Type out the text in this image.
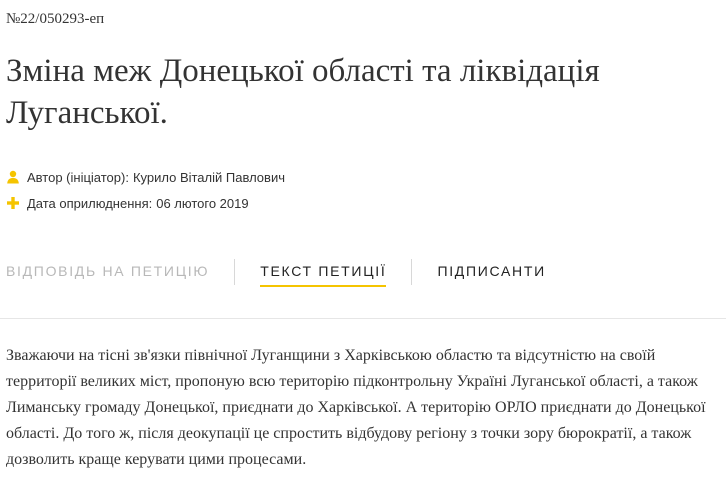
№22/050293-еп
Зміна меж Донецької області та ліквідація Луганської.
Автор (ініціатор): Курило Віталій Павлович
Дата оприлюднення: 06 лютого 2019
ВІДПОВІДЬ НА ПЕТИЦІЮ	ТЕКСТ ПЕТИЦІЇ	ПІДПИСАНТИ

Зважаючи на тісні зв'язки північної Луганщини з Харківською областю та відсутністю на своїй территорії великих міст, пропоную всю територію підконтрольну Україні Луганської області, а також Лиманську громаду Донецької, приєднати до Харківської. А територію ОРЛО приєднати до Донецької області. До того ж, після деокупації це спростить відбудову регіону з точки зору бюрократії, а також дозволить краще керувати цими процесами.
